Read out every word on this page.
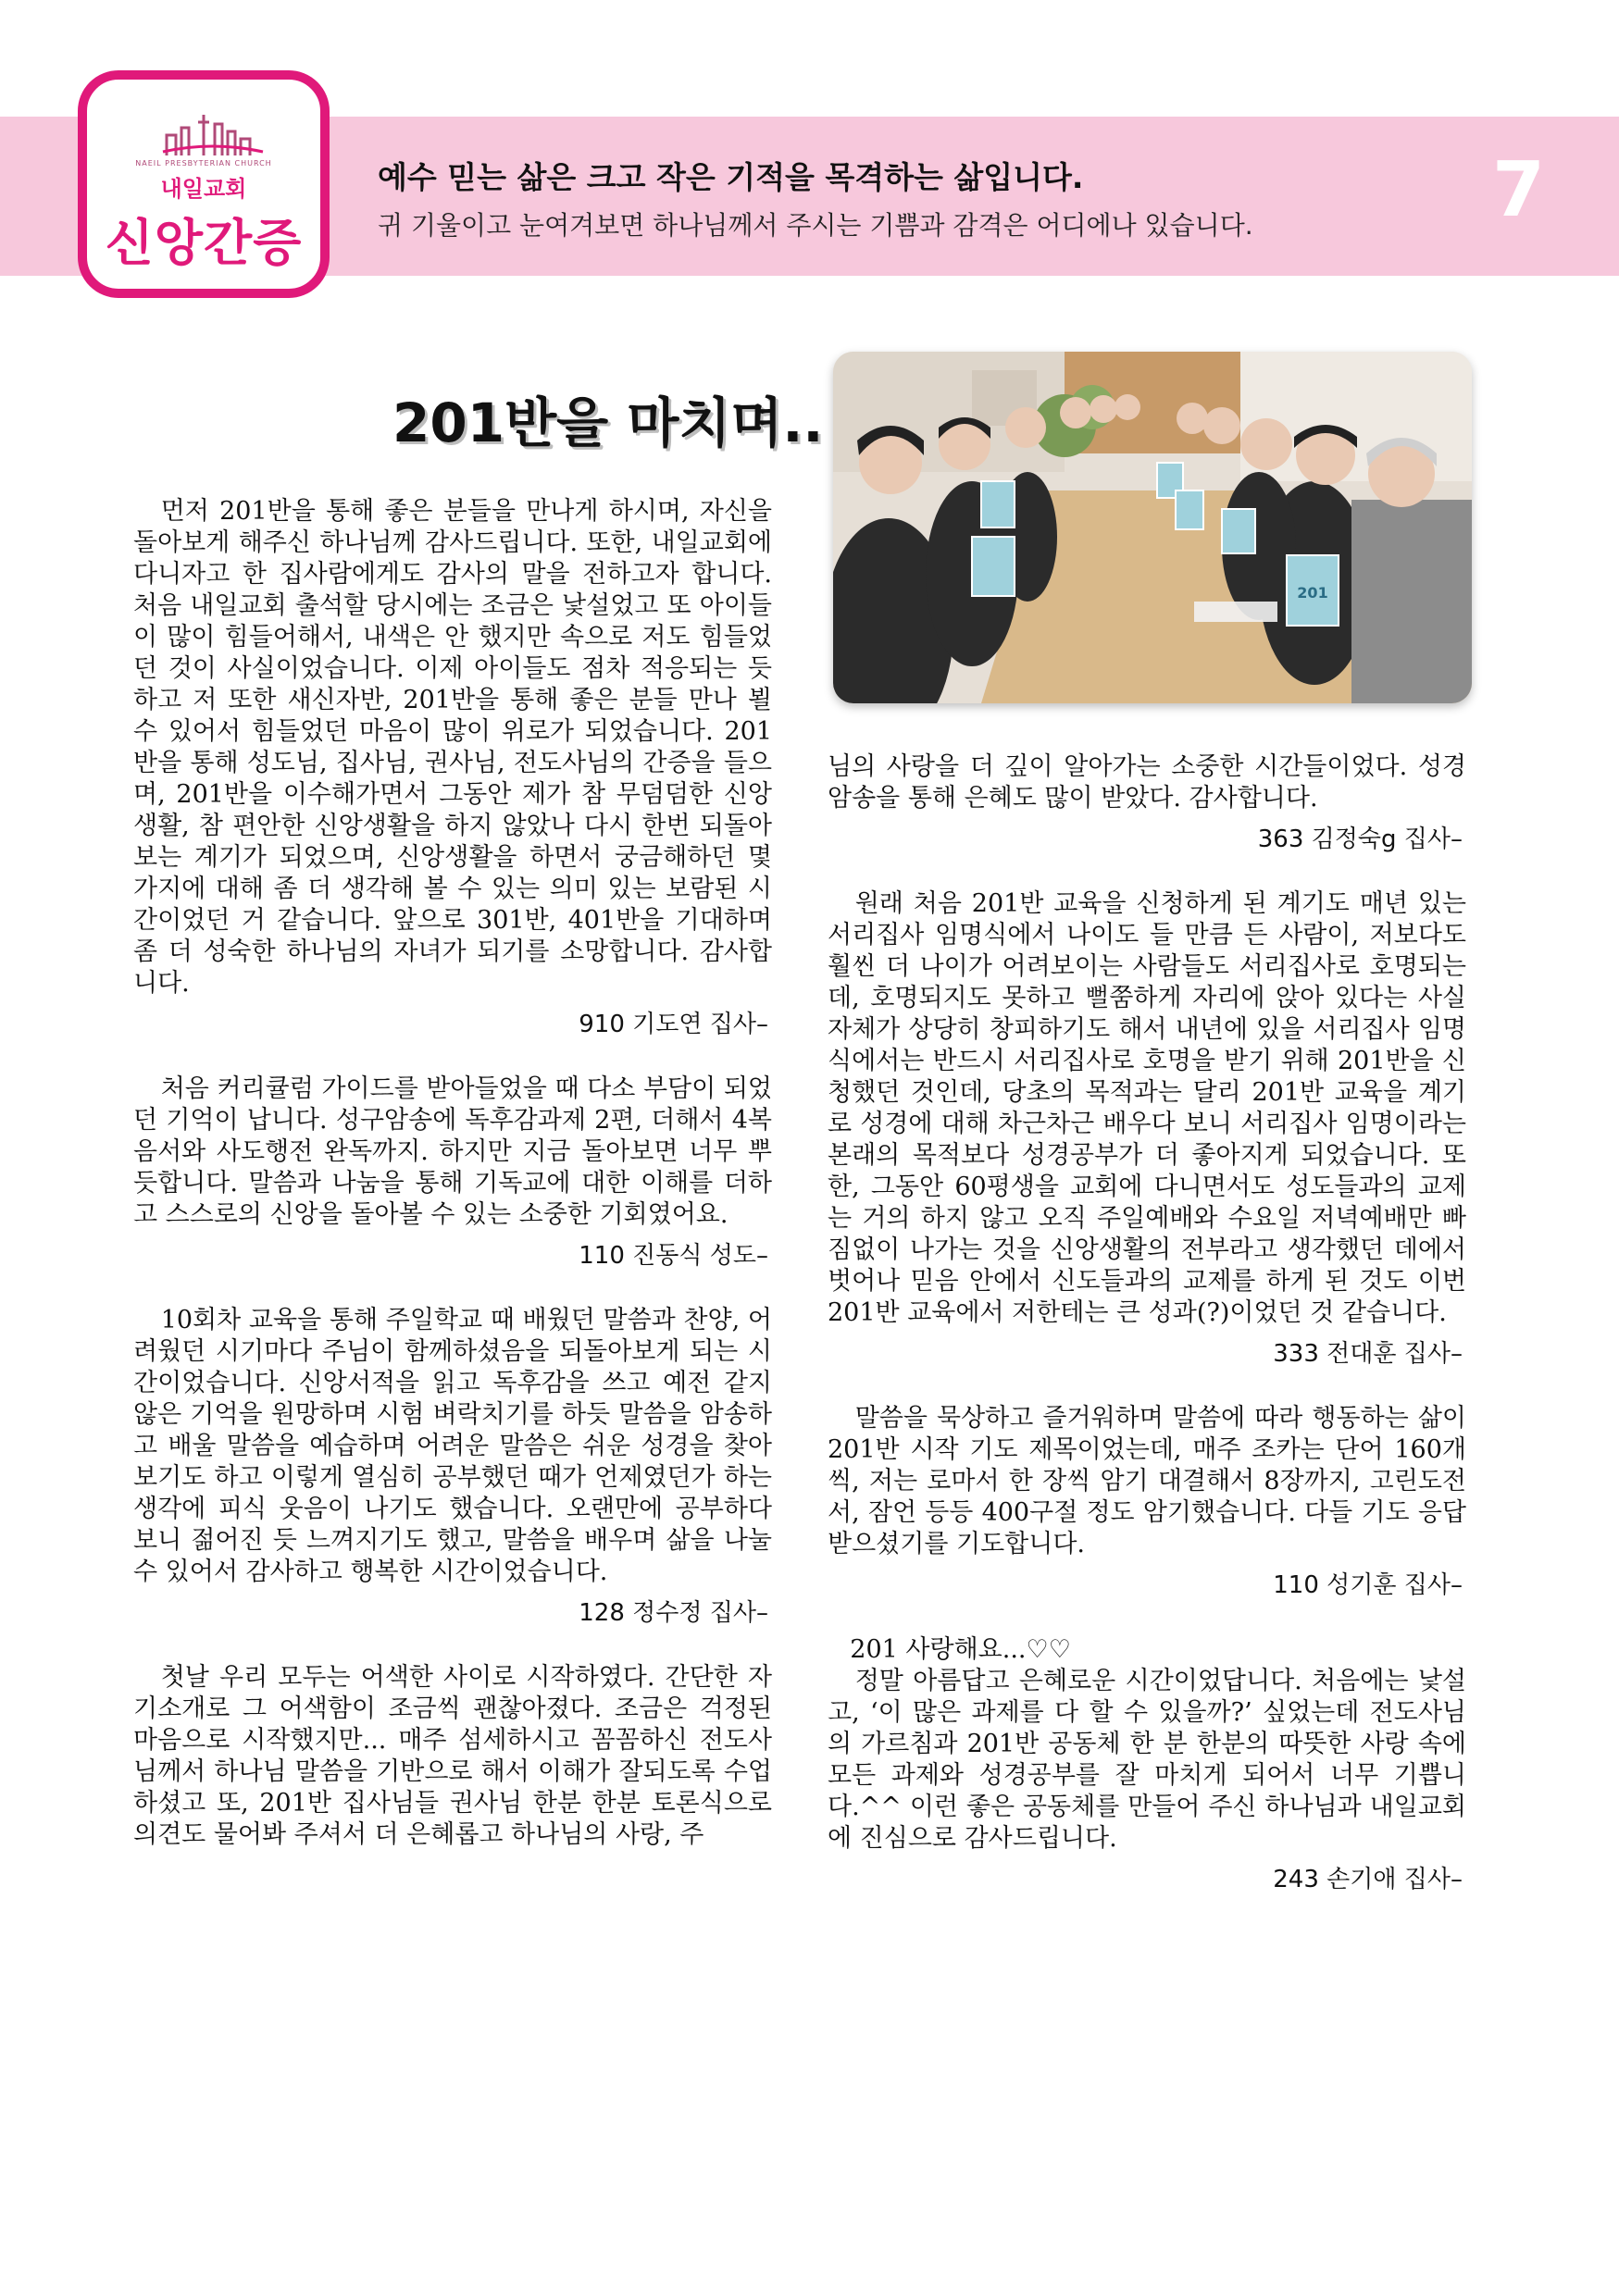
NAEIL PRESBYTERIAN CHURCH
내일교회
신앙간증
예수 믿는 삶은 크고 작은 기적을 목격하는 삶입니다.
귀 기울이고 눈여겨보면 하나님께서 주시는 기쁨과 감격은 어디에나 있습니다.	7
201반을 마치며..
201

먼저 201반을 통해 좋은 분들을 만나게 하시며, 자신을 돌아보게 해주신 하나님께 감사드립니다. 또한, 내일교회에 다니자고 한 집사람에게도 감사의 말을 전하고자 합니다. 처음 내일교회 출석할 당시에는 조금은 낯설었고 또 아이들이 많이 힘들어해서, 내색은 안 했지만 속으로 저도 힘들었던 것이 사실이었습니다. 이제 아이들도 점차 적응되는 듯하고 저 또한 새신자반, 201반을 통해 좋은 분들 만나 뵐 수 있어서 힘들었던 마음이 많이 위로가 되었습니다. 201반을 통해 성도님, 집사님, 권사님, 전도사님의 간증을 들으며, 201반을 이수해가면서 그동안 제가 참 무덤덤한 신앙생활, 참 편안한 신앙생활을 하지 않았나 다시 한번 되돌아보는 계기가 되었으며, 신앙생활을 하면서 궁금해하던 몇 가지에 대해 좀 더 생각해 볼 수 있는 의미 있는 보람된 시간이었던 거 같습니다. 앞으로 301반, 401반을 기대하며 좀 더 성숙한 하나님의 자녀가 되기를 소망합니다. 감사합니다.

910 기도연 집사–

처음 커리큘럼 가이드를 받아들었을 때 다소 부담이 되었던 기억이 납니다. 성구암송에 독후감과제 2편, 더해서 4복음서와 사도행전 완독까지. 하지만 지금 돌아보면 너무 뿌듯합니다. 말씀과 나눔을 통해 기독교에 대한 이해를 더하고 스스로의 신앙을 돌아볼 수 있는 소중한 기회였어요.

110 진동식 성도–

10회차 교육을 통해 주일학교 때 배웠던 말씀과 찬양, 어려웠던 시기마다 주님이 함께하셨음을 되돌아보게 되는 시간이었습니다. 신앙서적을 읽고 독후감을 쓰고 예전 같지 않은 기억을 원망하며 시험 벼락치기를 하듯 말씀을 암송하고 배울 말씀을 예습하며 어려운 말씀은 쉬운 성경을 찾아보기도 하고 이렇게 열심히 공부했던 때가 언제였던가 하는 생각에 피식 웃음이 나기도 했습니다. 오랜만에 공부하다 보니 젊어진 듯 느껴지기도 했고, 말씀을 배우며 삶을 나눌 수 있어서 감사하고 행복한 시간이었습니다.

128 정수정 집사–

첫날 우리 모두는 어색한 사이로 시작하였다. 간단한 자기소개로 그 어색함이 조금씩 괜찮아졌다. 조금은 걱정된 마음으로 시작했지만... 매주 섬세하시고 꼼꼼하신 전도사님께서 하나님 말씀을 기반으로 해서 이해가 잘되도록 수업하셨고 또, 201반 집사님들 권사님 한분 한분 토론식으로 의견도 물어봐 주셔서 더 은혜롭고 하나님의 사랑, 주

님의 사랑을 더 깊이 알아가는 소중한 시간들이었다. 성경암송을 통해 은혜도 많이 받았다. 감사합니다.

363 김정숙g 집사–

원래 처음 201반 교육을 신청하게 된 계기도 매년 있는 서리집사 임명식에서 나이도 들 만큼 든 사람이, 저보다도 훨씬 더 나이가 어려보이는 사람들도 서리집사로 호명되는데, 호명되지도 못하고 뻘쭘하게 자리에 앉아 있다는 사실 자체가 상당히 창피하기도 해서 내년에 있을 서리집사 임명식에서는 반드시 서리집사로 호명을 받기 위해 201반을 신청했던 것인데, 당초의 목적과는 달리 201반 교육을 계기로 성경에 대해 차근차근 배우다 보니 서리집사 임명이라는 본래의 목적보다 성경공부가 더 좋아지게 되었습니다. 또한, 그동안 60평생을 교회에 다니면서도 성도들과의 교제는 거의 하지 않고 오직 주일예배와 수요일 저녁예배만 빠짐없이 나가는 것을 신앙생활의 전부라고 생각했던 데에서 벗어나 믿음 안에서 신도들과의 교제를 하게 된 것도 이번 201반 교육에서 저한테는 큰 성과(?)이었던 것 같습니다.

333 전대훈 집사–

말씀을 묵상하고 즐거워하며 말씀에 따라 행동하는 삶이 201반 시작 기도 제목이었는데, 매주 조카는 단어 160개씩, 저는 로마서 한 장씩 암기 대결해서 8장까지, 고린도전서, 잠언 등등 400구절 정도 암기했습니다. 다들 기도 응답받으셨기를 기도합니다.

110 성기훈 집사–

201 사랑해요...♡♡

정말 아름답고 은혜로운 시간이었답니다. 처음에는 낯설고, ‘이 많은 과제를 다 할 수 있을까?’ 싶었는데 전도사님의 가르침과 201반 공동체 한 분 한분의 따뜻한 사랑 속에 모든 과제와 성경공부를 잘 마치게 되어서 너무 기쁩니다.^^ 이런 좋은 공동체를 만들어 주신 하나님과 내일교회에 진심으로 감사드립니다.

243 손기애 집사–
